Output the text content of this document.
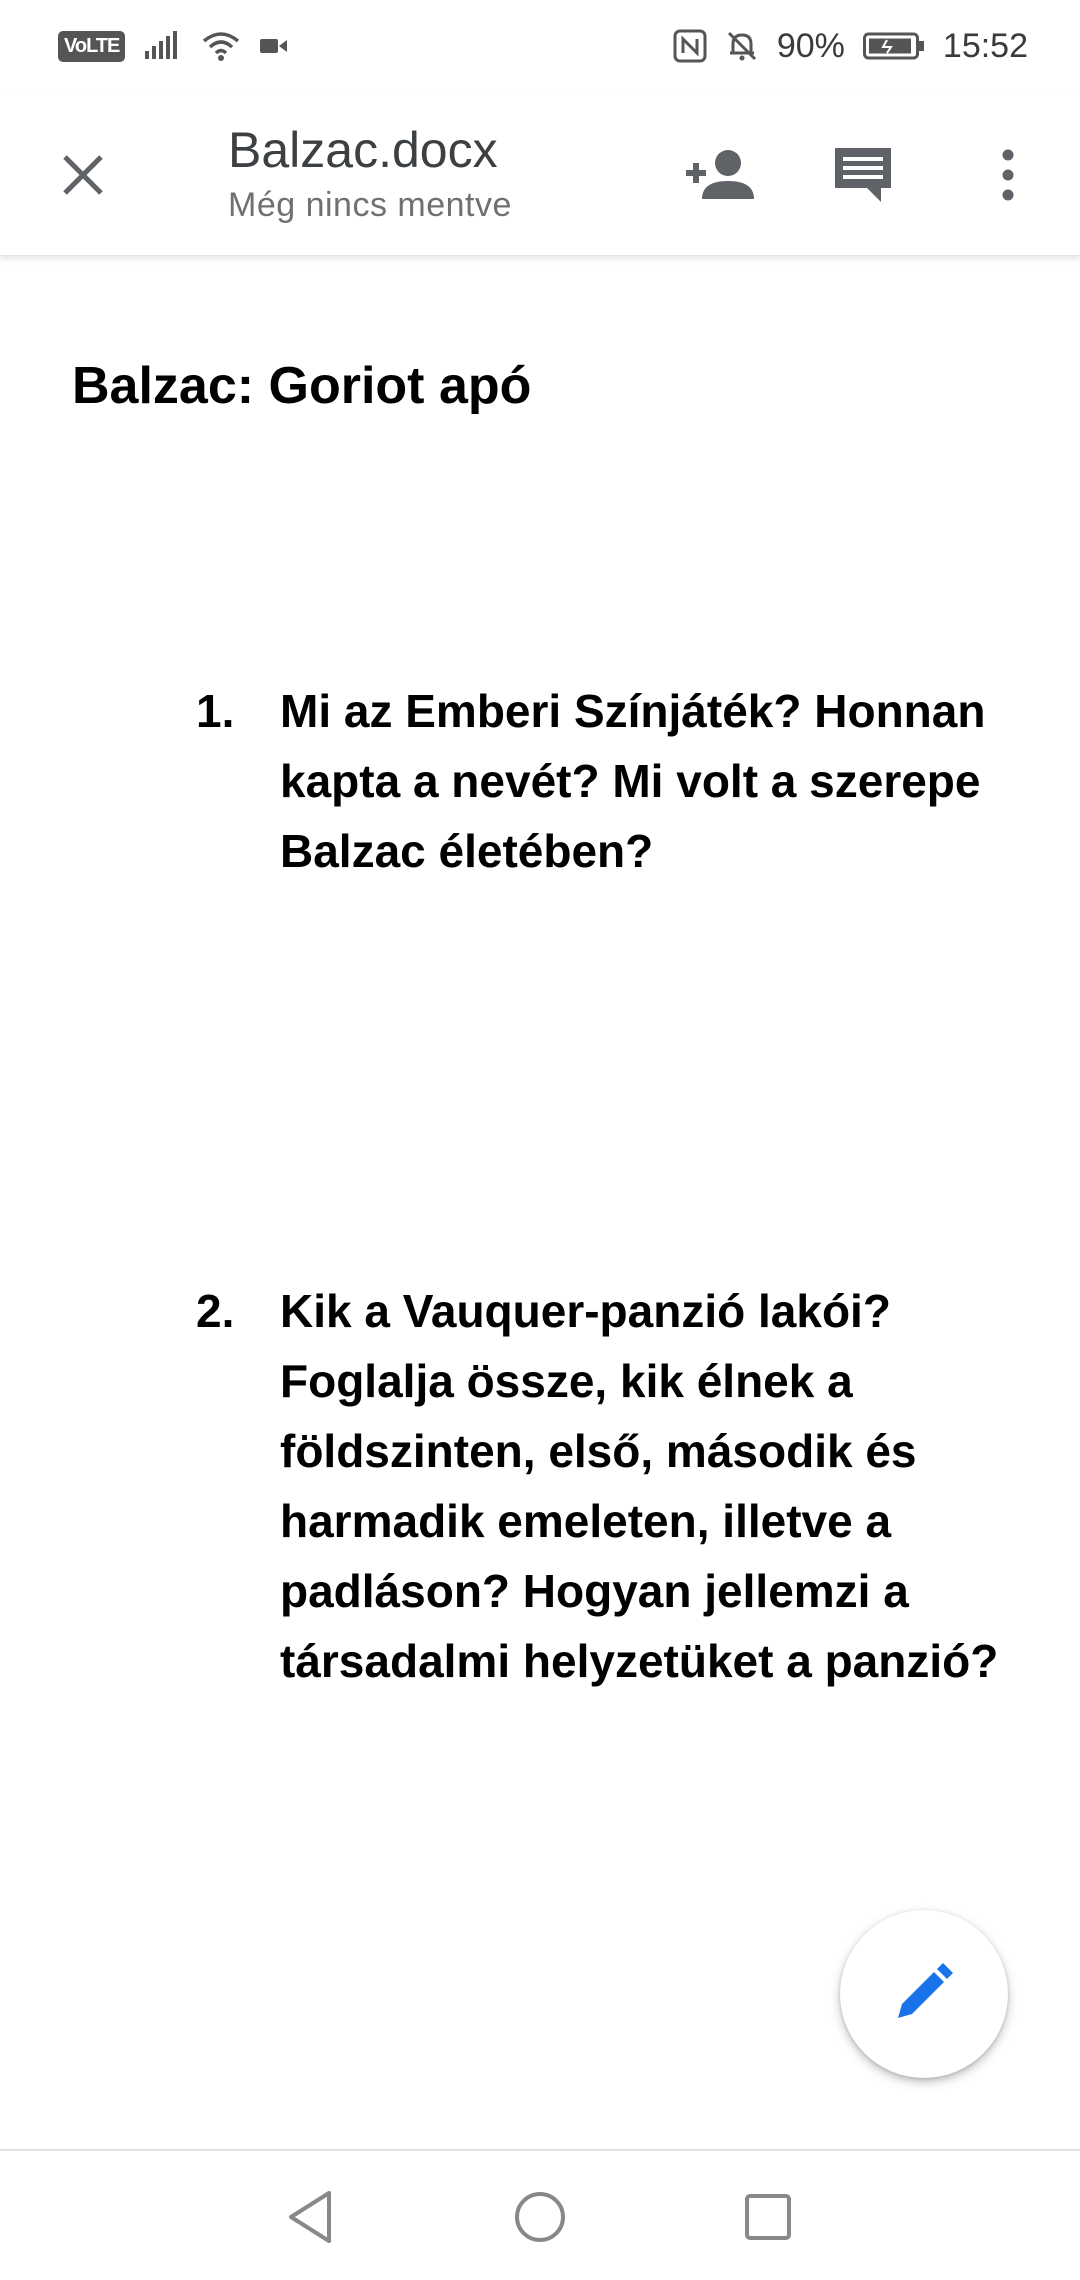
VoLTE	90%	15:52
Balzac.docx
Még nincs mentve
Balzac: Goriot apó
1. Mi az Emberi Színjáték? Honnan kapta a nevét? Mi volt a szerepe Balzac életében?
2. Kik a Vauquer-panzió lakói? Foglalja össze, kik élnek a földszinten, első, második és harmadik emeleten, illetve a padláson? Hogyan jellemzi a társadalmi helyzetüket a panzió?
